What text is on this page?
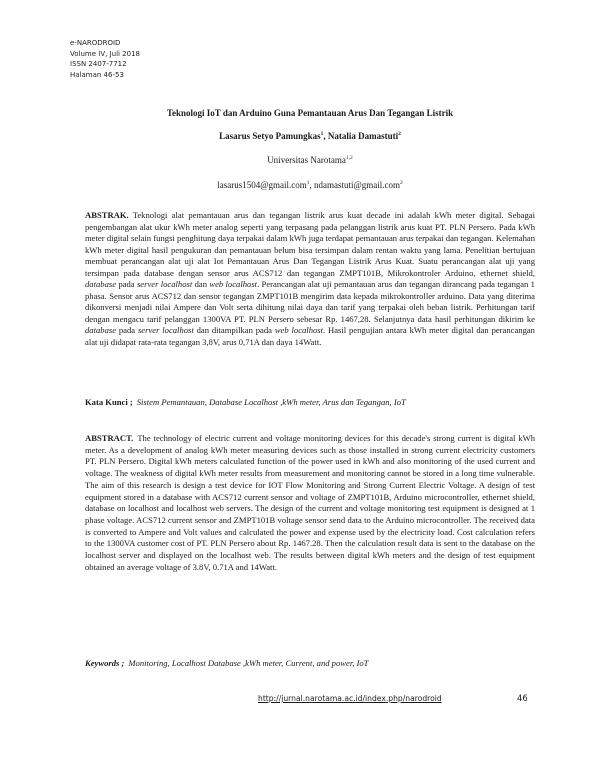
e-NARODROID
Volume IV, Juli 2018
ISSN 2407-7712
Halaman 46-53
Teknologi IoT dan Arduino Guna Pemantauan Arus Dan Tegangan Listrik
Lasarus Setyo Pamungkas$^1$, Natalia Damastuti$^2$
Universitas Narotama$^{1,2}$
lasarus1504@gmail.com$^1$, ndamastuti@gmail.com$^2$
ABSTRAK. Teknologi alat pemantauan arus dan tegangan listrik arus kuat decade ini adalah kWh meter digital. Sebagai pengembangan alat ukur kWh meter analog seperti yang terpasang pada pelanggan listrik arus kuat PT. PLN Persero. Pada kWh meter digital selain fungsi penghitung daya terpakai dalam kWh juga terdapat pemantauan arus terpakai dan tegangan. Kelemahan kWh meter digital hasil pengukuran dan pemantauan belum bisa tersimpan dalam rentan waktu yang lama. Penelitian bertujuan membuat perancangan alat uji alat Iot Pemantauan Arus Dan Tegangan Listrik Arus Kuat. Suatu perancangan alat uji yang tersimpan pada database dengan sensor arus ACS712 dan tegangan ZMPT101B, Mikrokontroler Arduino, ethernet shield, database pada server localhost dan web localhost. Perancangan alat uji pemantauan arus dan tegangan dirancang pada tegangan 1 phasa. Sensor arus ACS712 dan sensor tegangan ZMPT101B mengirim data kepada mikrokontroller arduino. Data yang diterima dikonversi menjadi nilai Ampere dan Volt serta dihitung nilai daya dan tarif yang terpakai oleh beban listrik. Perhitungan tarif dengan mengacu tarif pelanggan 1300VA PT. PLN Persero sebesar Rp. 1467,28. Selanjutnya data hasil perhitungan dikirim ke database pada server localhost dan ditampilkan pada web localhost. Hasil pengujian antara kWh meter digital dan perancangan alat uji didapat rata-rata tegangan 3,8V, arus 0,71A dan daya 14Watt.
Kata Kunci ; Sistem Pemantauan, Database Localhost ,kWh meter, Arus dan Tegangan, IoT
ABSTRACT. The technology of electric current and voltage monitoring devices for this decade's strong current is digital kWh meter. As a development of analog kWh meter measuring devices such as those installed in strong current electricity customers PT. PLN Persero. Digital kWh meters calculated function of the power used in kWh and also monitoring of the used current and voltage. The weakness of digital kWh meter results from measurement and monitoring cannot be stored in a long time vulnerable. The aim of this research is design a test device for IOT Flow Monitoring and Strong Current Electric Voltage. A design of test equipment stored in a database with ACS712 current sensor and voltage of ZMPT101B, Arduino microcontroller, ethernet shield, database on localhost and localhost web servers. The design of the current and voltage monitoring test equipment is designed at 1 phase voltage. ACS712 current sensor and ZMPT101B voltage sensor send data to the Arduino microcontroller. The received data is converted to Ampere and Volt values and calculated the power and expense used by the electricity load. Cost calculation refers to the 1300VA customer cost of PT. PLN Persero about Rp. 1467.28. Then the calculation result data is sent to the database on the localhost server and displayed on the localhost web. The results between digital kWh meters and the design of test equipment obtained an average voltage of 3.8V, 0.71A and 14Watt.
Keywords ; Monitoring, Localhost Database ,kWh meter, Current, and power, IoT
http://jurnal.narotama.ac.id/index.php/narodroid	46
